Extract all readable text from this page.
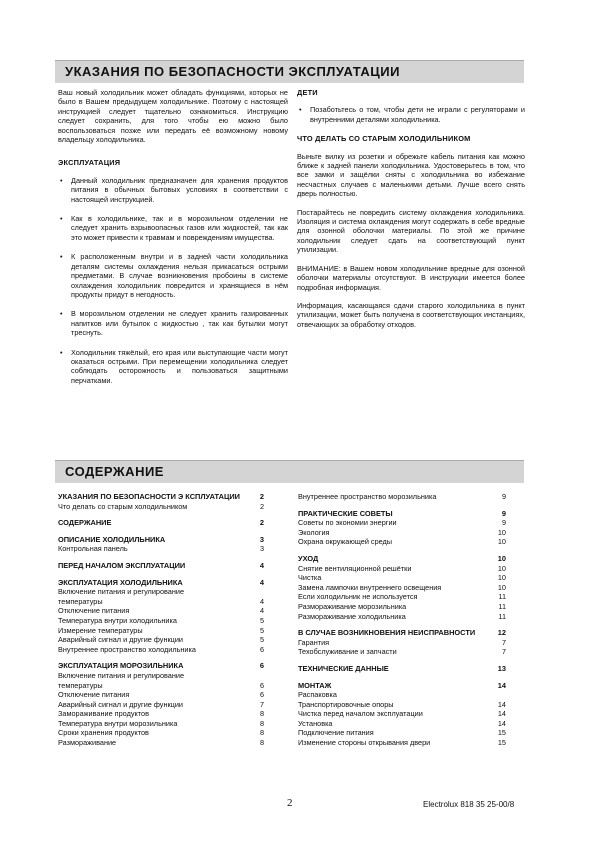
УКАЗАНИЯ ПО БЕЗОПАСНОСТИ ЭКСПЛУАТАЦИИ

Ваш новый холодильник может обладать функциями, которых не было в Вашем предыдущем холодильнике. Поэтому с настоящей инструкцией следует тщательно ознакомиться. Инструкцию следует сохранить, для того чтобы ею можно было воспользоваться позже или передать её возможному новому владельцу холодильника.

ЭКСПЛУАТАЦИЯ
• Данный холодильник предназначен для хранения продуктов питания в обычных бытовых условиях в соответствии с настоящей инструкцией.
• Как в холодильнике, так и в морозильном отделении не следует хранить взрывоопасных газов или жидкостей, так как это может привести к травмам и повреждениям имущества.
• К расположенным внутри и в задней части холодильника деталям системы охлаждения нельзя прикасаться острыми предметами. В случае возникновения пробоины в системе охлаждения холодильник повредится и хранящиеся в нём продукты придут в негодность.
• В морозильном отделении не следует хранить газированных напитков или бутылок с жидкостью , так как бутылки могут треснуть.
• Холодильник тяжёлый, его края или выступающие части могут оказаться острыми. При перемещении холодильника следует соблюдать осторожность и пользоваться защитными перчатками.
ДЕТИ
• Позаботьтесь о том, чтобы дети не играли с регуляторами и внутренними деталями холодильника.
ЧТО ДЕЛАТЬ СО СТАРЫМ ХОЛОДИЛЬНИКОМ

Выньте вилку из розетки и обрежьте кабель питания как можно ближе к задней панели холодильника. Удостоверьтесь в том, что все замки и защёлки сняты с холодильника во избежание несчастных случаев с маленькими детьми. Лучше всего снять дверь полностью.

Постарайтесь не повредить систему охлаждения холодильника. Изоляция и система охлаждения могут содержать в себе вредные для озонной оболочки материалы. По этой же причине холодильник следует сдать на соответствующий пункт утилизации.

ВНИМАНИЕ: в Вашем новом холодильнике вредные для озонной оболочки материалы отсутствуют. В инструкции имеется более подробная информация.

Информация, касающаяся сдачи старого холодильника в пункт утилизации, может быть получена в соответствующих инстанциях, отвечающих за обработку отходов.

СОДЕРЖАНИЕ
УКАЗАНИЯ ПО БЕЗОПАСНОСТИ Э КСПЛУАТАЦИИ	2
Что делать со старым холодильником	2
СОДЕРЖАНИЕ	2
ОПИСАНИЕ ХОЛОДИЛЬНИКА	3
Контрольная панель	3
ПЕРЕД НАЧАЛОМ ЭКСПЛУАТАЦИИ	4
ЭКСПЛУАТАЦИЯ ХОЛОДИЛЬНИКА	4
Включение питания и регулирование
температуры	4
Отключение питания	4
Температура внутри холодильника	5
Измерение температуры	5
Аварийный сигнал и другие функции	5
Внутреннее пространство холодильника	6
ЭКСПЛУАТАЦИЯ МОРОЗИЛЬНИКА	6
Включение питания и регулирование
температуры	6
Отключение питания	6
Аварийный сигнал и другие функции	7
Замораживание продуктов	8
Температура внутри морозильника	8
Сроки хранения продуктов	8
Размораживание	8
Внутреннее пространство морозильника	9
ПРАКТИЧЕСКИЕ СОВЕТЫ	9
Советы по экономии энергии	9
Экология	10
Охрана окружающей среды	10
УХОД	10
Снятие вентиляционной решётки	10
Чистка	10
Замена лампочки внутреннего освещения	10
Если холодильник не используется	11
Размораживание морозильника	11
Размораживание холодильника	11
В СЛУЧАЕ ВОЗНИКНОВЕНИЯ НЕИСПРАВНОСТИ	12
Гарантия	7
Техобслуживание и запчасти	7
ТЕХНИЧЕСКИЕ ДАННЫЕ	13
МОНТАЖ	14
Распаковка
Транспортировочные опоры	14
Чистка перед началом эксплуатации	14
Установка	14
Подключение питания	15
Изменение стороны открывания двери	15
2	Electrolux 818 35 25-00/8
